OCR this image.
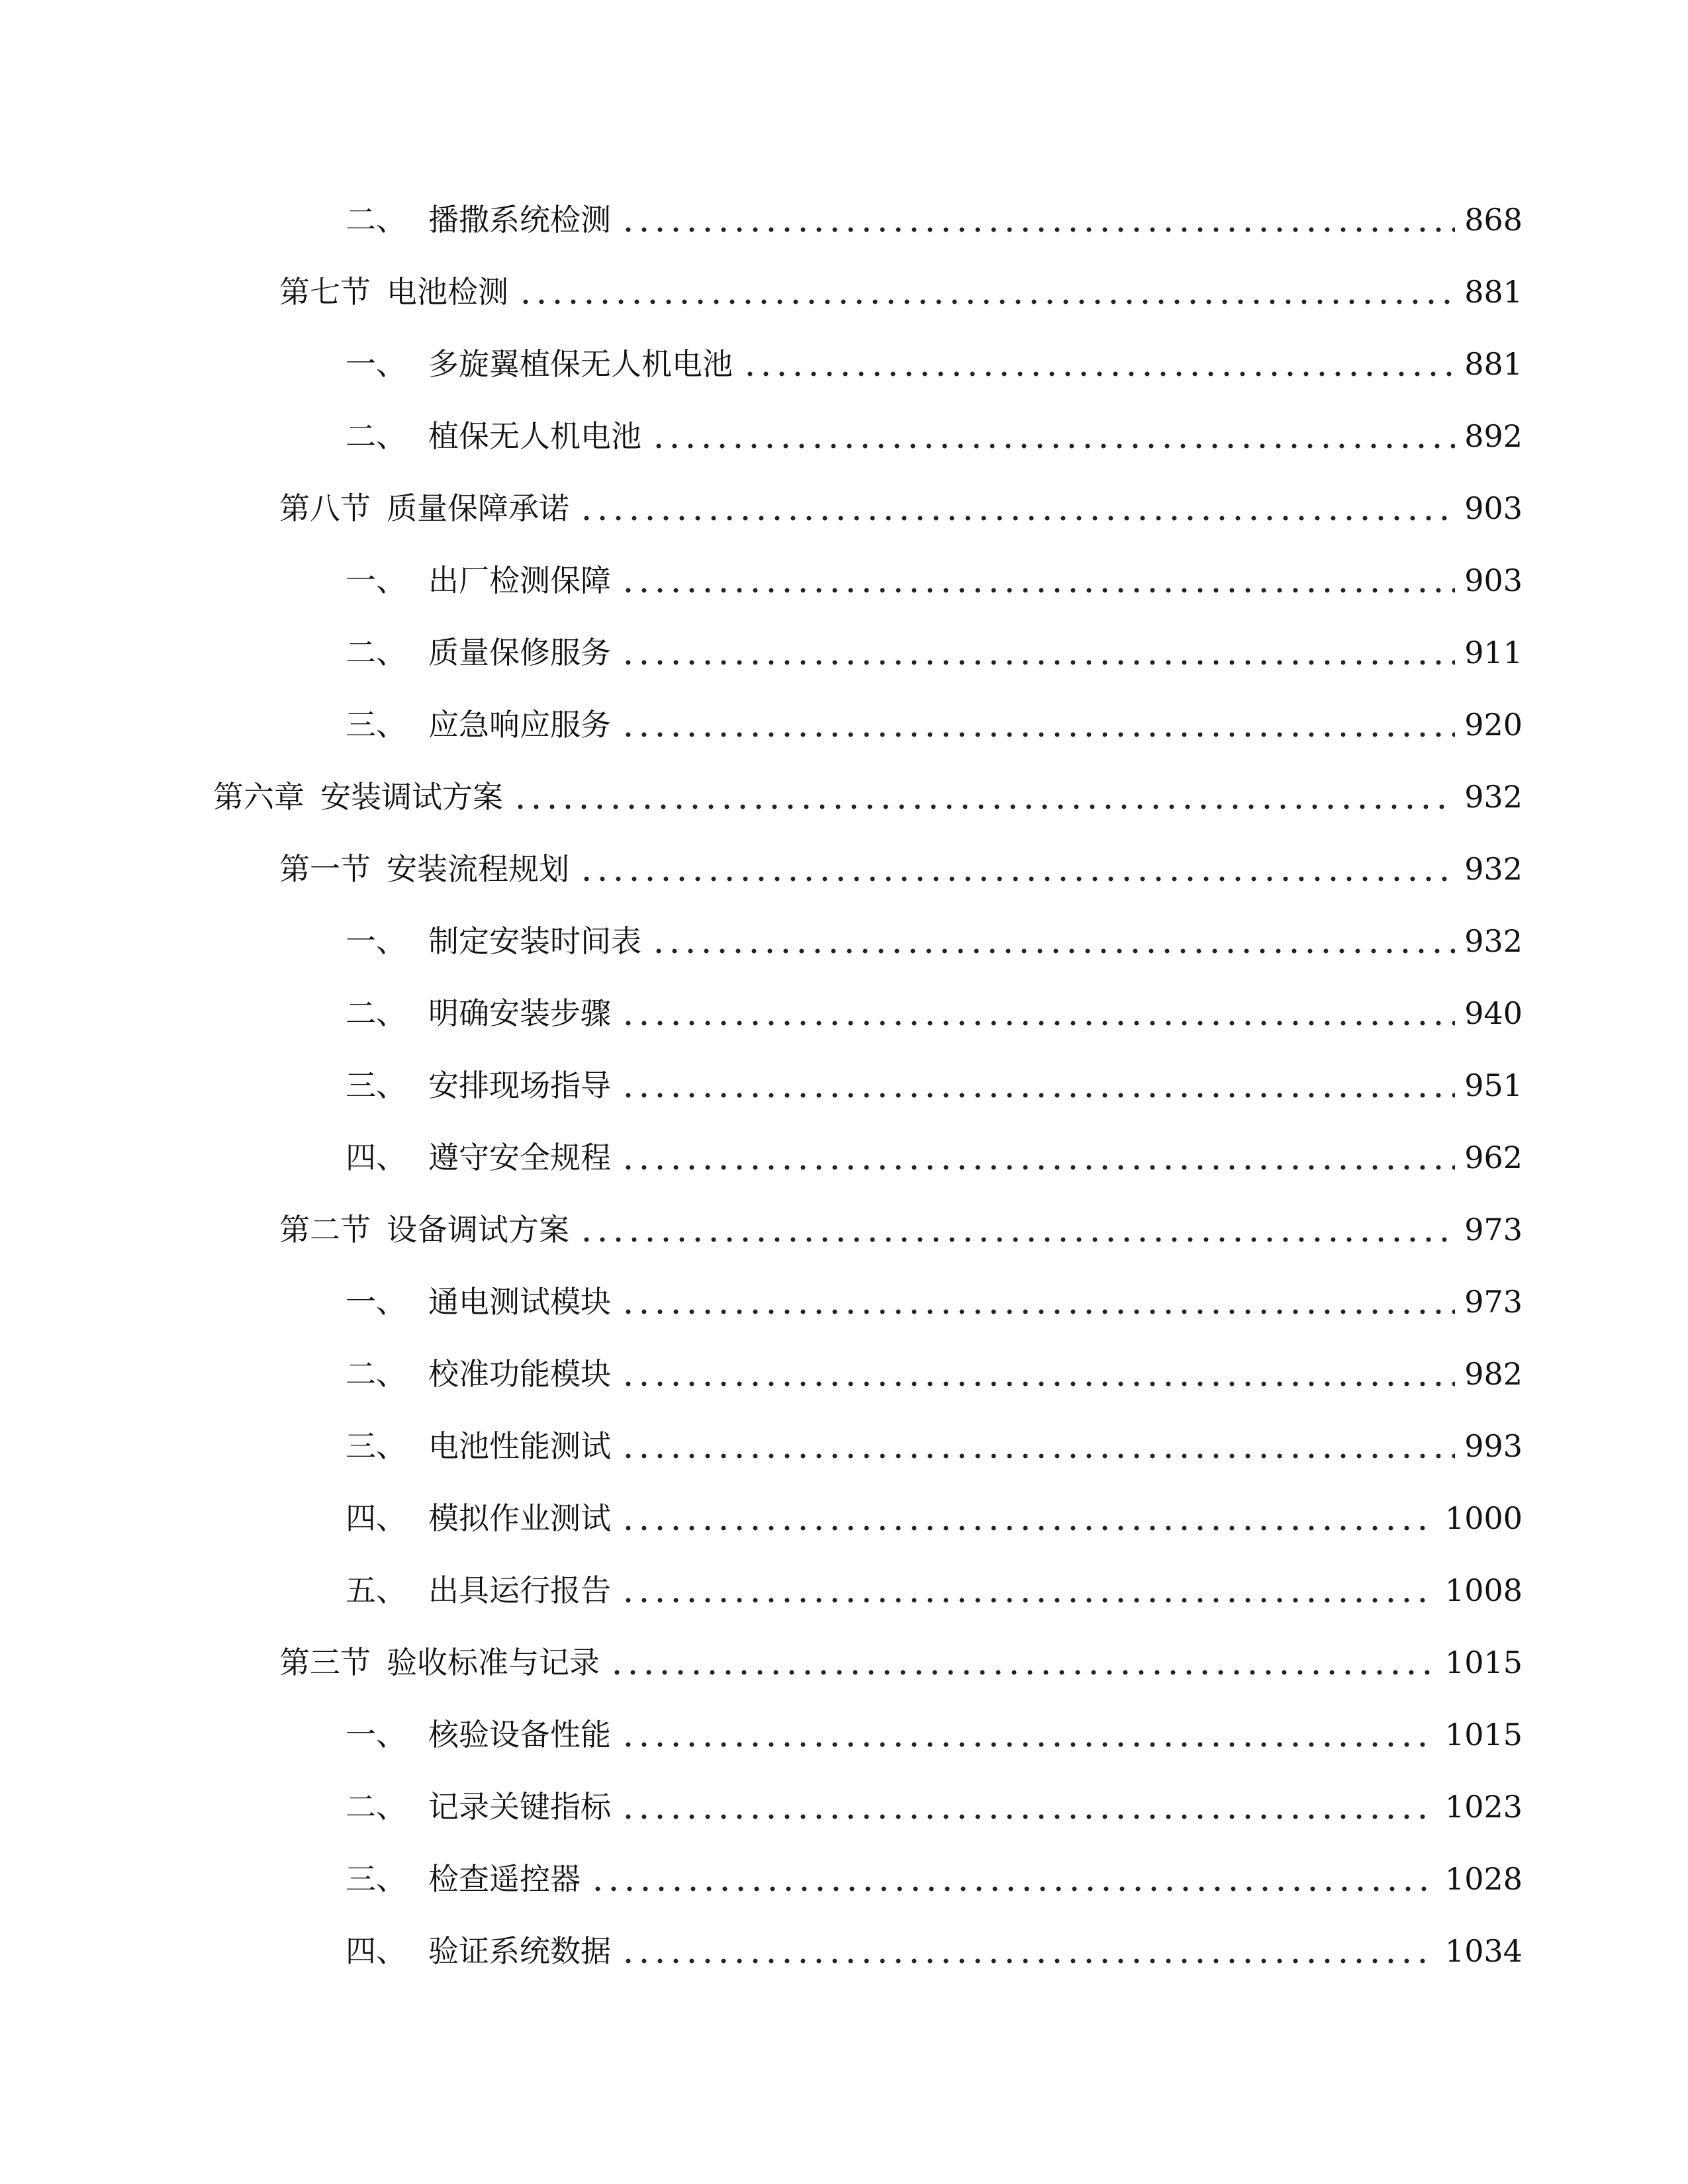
二、 播撒系统检测	868
第七节 电池检测	881
一、 多旋翼植保无人机电池	881
二、 植保无人机电池	892
第八节 质量保障承诺	903
一、 出厂检测保障	903
二、 质量保修服务	911
三、 应急响应服务	920
第六章 安装调试方案	932
第一节 安装流程规划	932
一、 制定安装时间表	932
二、 明确安装步骤	940
三、 安排现场指导	951
四、 遵守安全规程	962
第二节 设备调试方案	973
一、 通电测试模块	973
二、 校准功能模块	982
三、 电池性能测试	993
四、 模拟作业测试	1000
五、 出具运行报告	1008
第三节 验收标准与记录	1015
一、 核验设备性能	1015
二、 记录关键指标	1023
三、 检查遥控器	1028
四、 验证系统数据	1034
